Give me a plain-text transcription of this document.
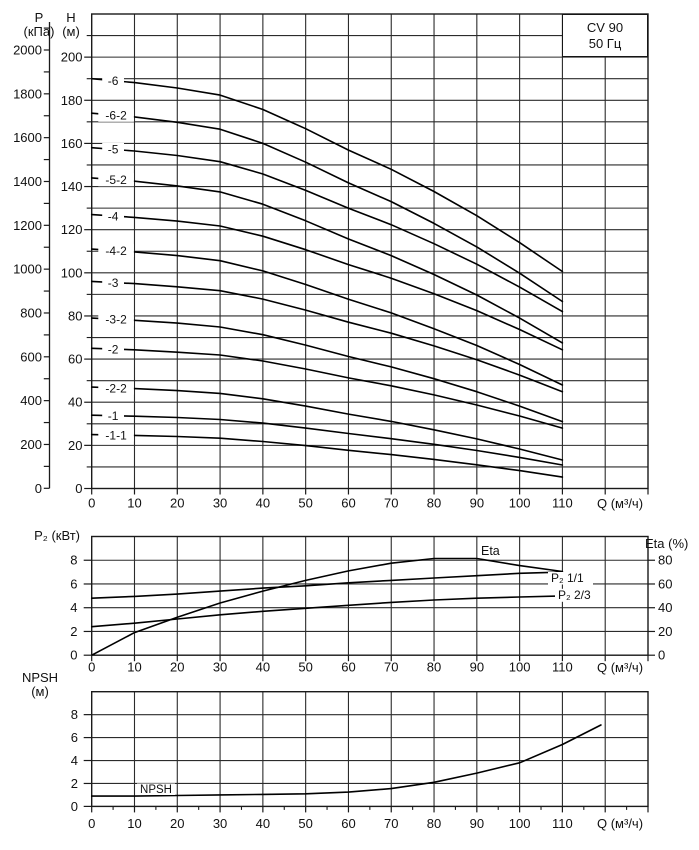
-6
-6-2
-5
-5-2
-4
-4-2
-3
-3-2
-2
-2-2
-1
-1-1
0 10 20 30 40 50 60 70 80 90 100 110
200
180
160
140
120
100
80
60
40
20
0
0
200
400
600
800
1000
1200
1400
1600
1800
2000
Eta
P₂ 1/1
P₂ 2/3
0 10 20 30 40 50 60 70 80 90 100 110
8
6
4
2
0
80
60
40
20
0
NPSH
0 10 20 30 40 50 60 70 80 90 100 110
8
6
4
2
0
P
(кПа)
H
(м)
Q (м³/ч)
P₂ (кВт)
Eta (%)
Q (м³/ч)
NPSH
(м)
Q (м³/ч)
CV 90
50 Гц
